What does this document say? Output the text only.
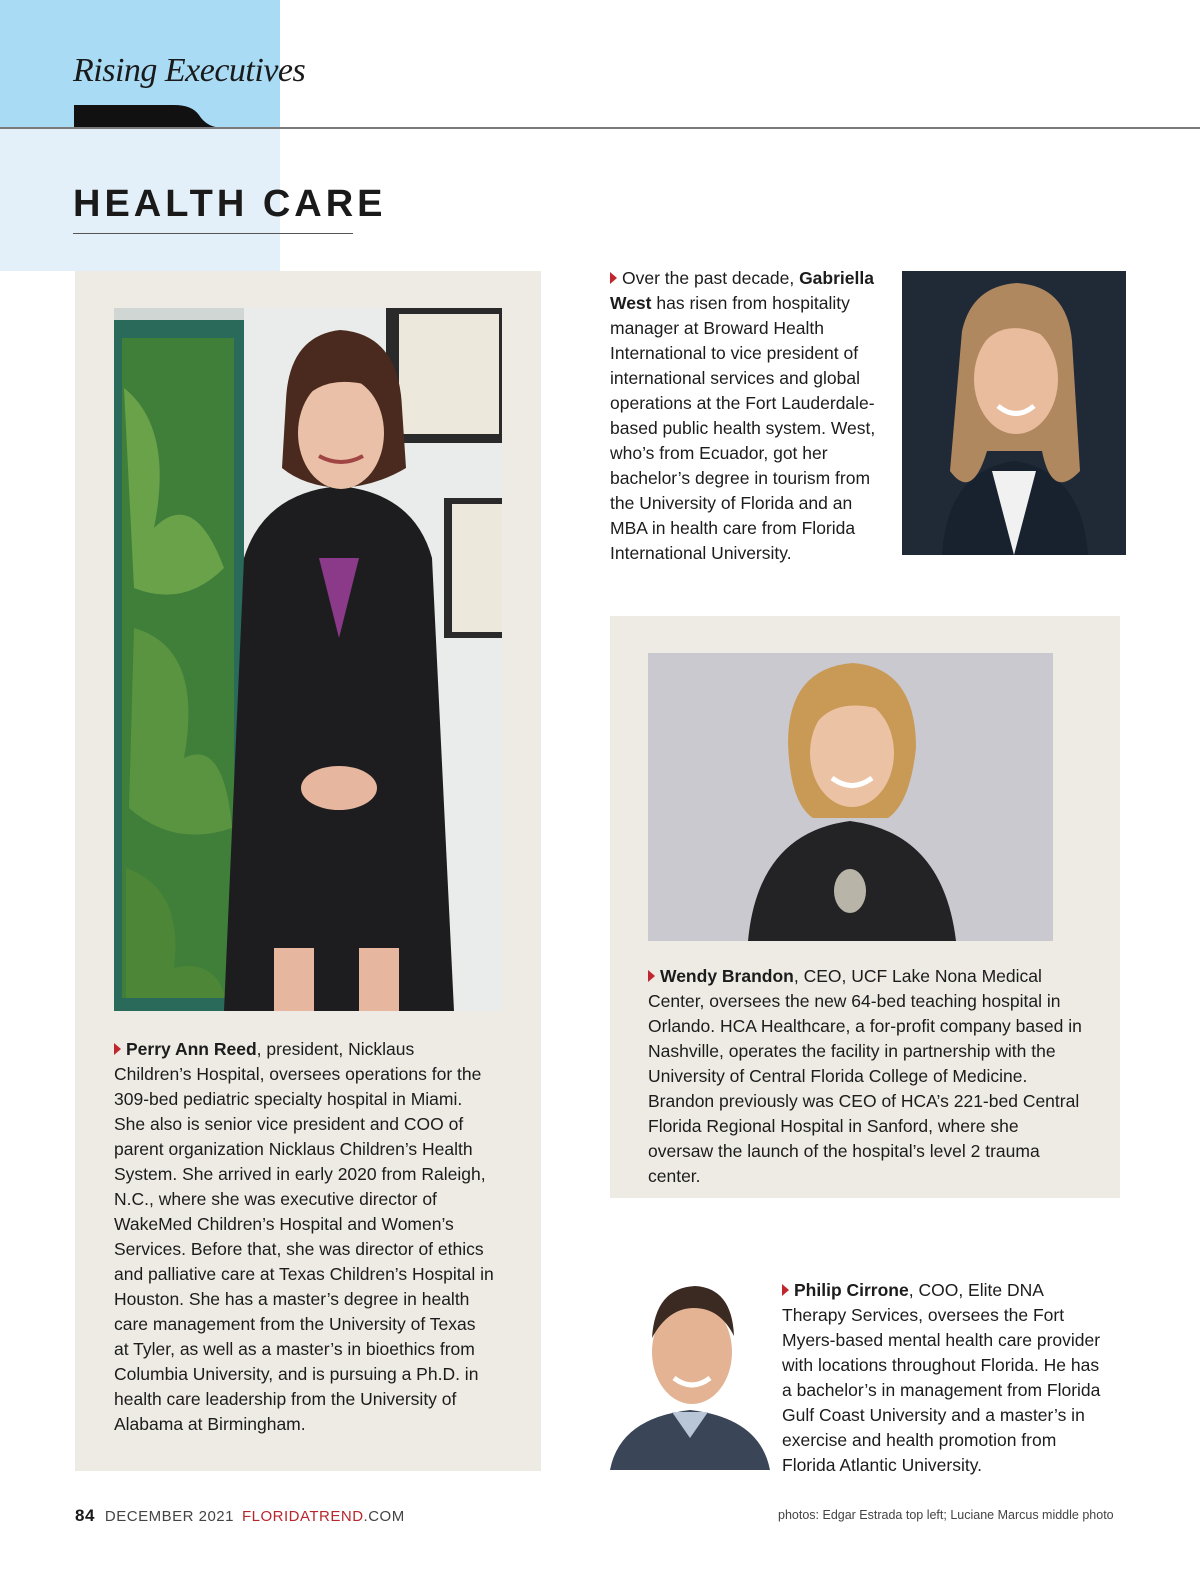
Rising Executives
HEALTH CARE

Perry Ann Reed, president, Nicklaus Children’s Hospital, oversees operations for the 309-bed pediatric specialty hospital in Miami. She also is senior vice president and COO of parent organization Nicklaus Children’s Health System. She arrived in early 2020 from Raleigh, N.C., where she was executive director of WakeMed Children’s Hospital and Women’s Services. Before that, she was director of ethics and palliative care at Texas Children’s Hospital in Houston. She has a master’s degree in health care management from the University of Texas at Tyler, as well as a master’s in bioethics from Columbia University, and is pursuing a Ph.D. in health care leadership from the University of Alabama at Birmingham.

Over the past decade, Gabriella West has risen from hospitality manager at Broward Health International to vice president of international services and global operations at the Fort Lauderdale-based public health system. West, who’s from Ecuador, got her bachelor’s degree in tourism from the University of Florida and an MBA in health care from Florida International University.

Wendy Brandon, CEO, UCF Lake Nona Medical Center, oversees the new 64-bed teaching hospital in Orlando. HCA Healthcare, a for-profit company based in Nashville, operates the facility in partnership with the University of Central Florida College of Medicine. Brandon previously was CEO of HCA’s 221-bed Central Florida Regional Hospital in Sanford, where she oversaw the launch of the hospital’s level 2 trauma center.

Philip Cirrone, COO, Elite DNA Therapy Services, oversees the Fort Myers-based mental health care provider with locations throughout Florida. He has a bachelor’s in management from Florida Gulf Coast University and a master’s in exercise and health promotion from Florida Atlantic University.

84 DECEMBER 2021 FLORIDATREND.COM	photos: Edgar Estrada top left; Luciane Marcus middle photo
